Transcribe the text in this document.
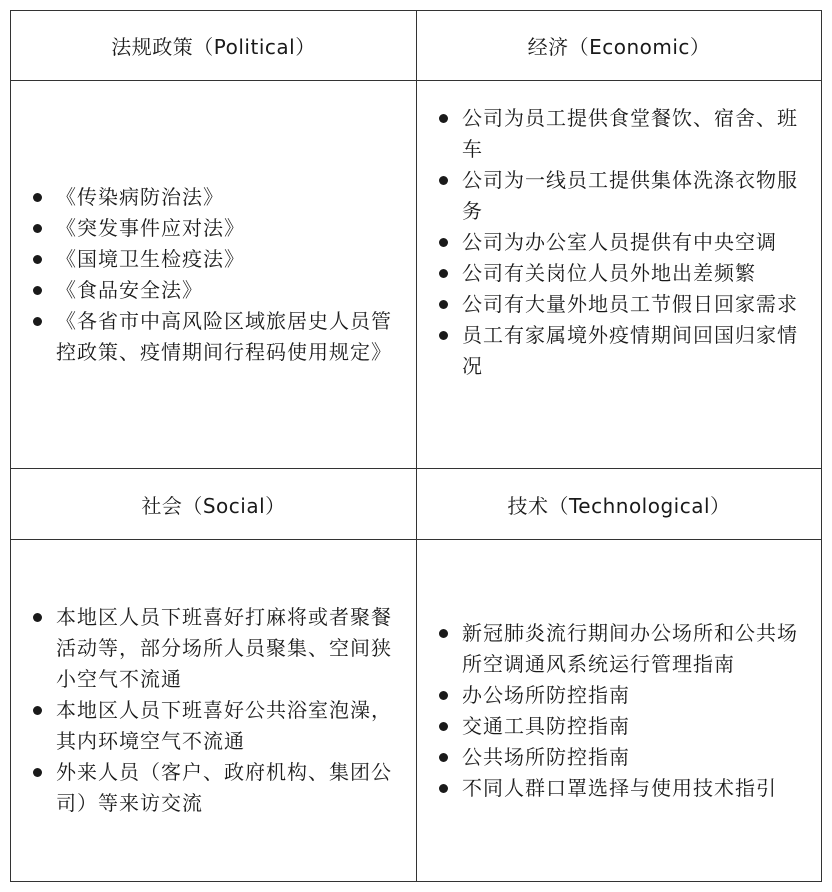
法规政策（Political）	经济（Economic）
《传染病防治法》
《突发事件应对法》
《国境卫生检疫法》
《食品安全法》
《各省市中高风险区域旅居史人员管控政策、疫情期间行程码使用规定》
公司为员工提供食堂餐饮、宿舍、班车
公司为一线员工提供集体洗涤衣物服务
公司为办公室人员提供有中央空调
公司有关岗位人员外地出差频繁
公司有大量外地员工节假日回家需求
员工有家属境外疫情期间回国归家情况
社会（Social）	技术（Technological）
本地区人员下班喜好打麻将或者聚餐活动等，部分场所人员聚集、空间狭小空气不流通
本地区人员下班喜好公共浴室泡澡，其内环境空气不流通
外来人员（客户、政府机构、集团公司）等来访交流
新冠肺炎流行期间办公场所和公共场所空调通风系统运行管理指南
办公场所防控指南
交通工具防控指南
公共场所防控指南
不同人群口罩选择与使用技术指引
